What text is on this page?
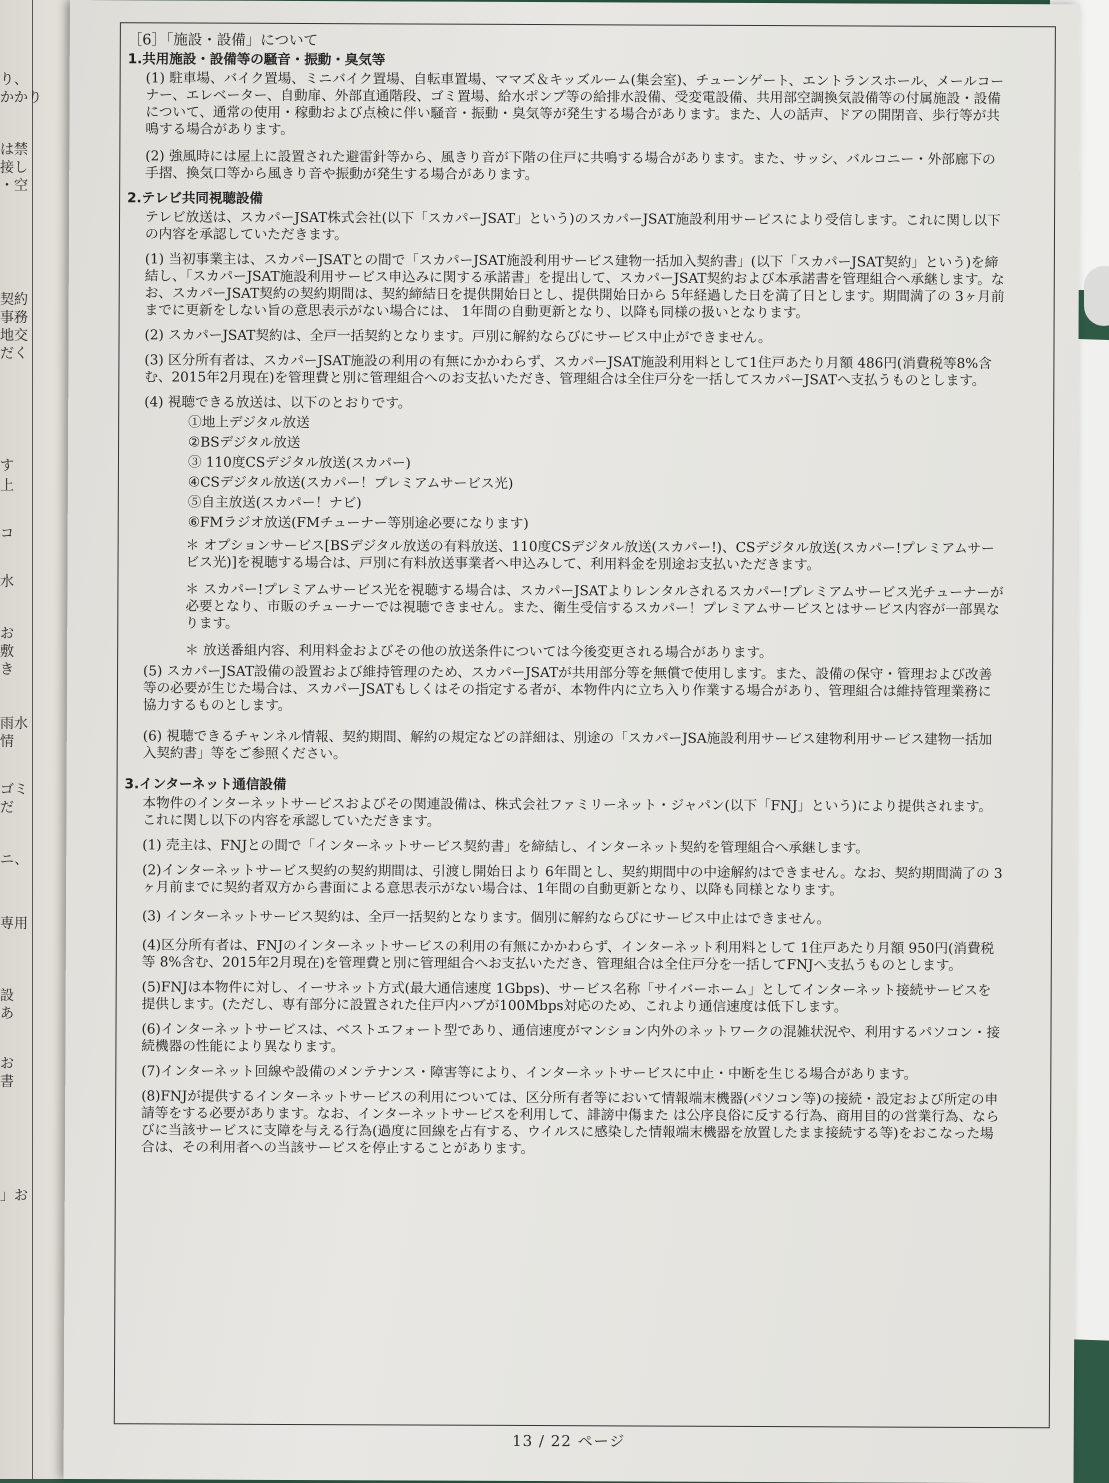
り、
かかり
は禁
接し
・空
契約
事務
地交
だく
す
上
コ
水
お
敷
き
雨水
情
ゴミ
だ
ニ、
専用
設
あ
お
書
」お
［6］「施設・設備」について
1.共用施設・設備等の騒音・振動・臭気等
(1) 駐車場、バイク置場、ミニバイク置場、自転車置場、ママズ＆キッズルーム(集会室)、チューンゲート、エントランスホール、メールコーナー、エレベーター、自動扉、外部直通階段、ゴミ置場、給水ポンプ等の給排水設備、受変電設備、共用部空調換気設備等の付属施設・設備について、通常の使用・稼動および点検に伴い騒音・振動・臭気等が発生する場合があります。また、人の話声、ドアの開閉音、歩行等が共鳴する場合があります。
(2) 強風時には屋上に設置された避雷針等から、風きり音が下階の住戸に共鳴する場合があります。また、サッシ、バルコニー・外部廊下の手摺、換気口等から風きり音や振動が発生する場合があります。
2.テレビ共同視聴設備
テレビ放送は、スカパーJSAT株式会社(以下「スカパーJSAT」という)のスカパーJSAT施設利用サービスにより受信します。これに関し以下の内容を承認していただきます。
(1) 当初事業主は、スカパーJSATとの間で「スカパーJSAT施設利用サービス建物一括加入契約書」(以下「スカパーJSAT契約」という)を締結し、「スカパーJSAT施設利用サービス申込みに関する承諾書」を提出して、スカパーJSAT契約および本承諾書を管理組合へ承継します。なお、スカパーJSAT契約の契約期間は、契約締結日を提供開始日とし、提供開始日から 5年経過した日を満了日とします。期間満了の 3ヶ月前までに更新をしない旨の意思表示がない場合には、 1年間の自動更新となり、以降も同様の扱いとなります。
(2) スカパーJSAT契約は、全戸一括契約となります。戸別に解約ならびにサービス中止ができません。
(3) 区分所有者は、スカパーJSAT施設の利用の有無にかかわらず、スカパーJSAT施設利用料として1住戸あたり月額 486円(消費税等8%含む、2015年2月現在)を管理費と別に管理組合へのお支払いただき、管理組合は全住戸分を一括してスカパーJSATへ支払うものとします。
(4) 視聴できる放送は、以下のとおりです。
①地上デジタル放送
②BSデジタル放送
③ 110度CSデジタル放送(スカパー)
④CSデジタル放送(スカパー！プレミアムサービス光)
⑤自主放送(スカパー！ナビ)
⑥FMラジオ放送(FMチューナー等別途必要になります)
＊ オプションサービス[BSデジタル放送の有料放送、110度CSデジタル放送(スカパー!)、CSデジタル放送(スカパー!プレミアムサービス光)]を視聴する場合は、戸別に有料放送事業者へ申込みして、利用料金を別途お支払いただきます。
＊ スカパー!プレミアムサービス光を視聴する場合は、スカパーJSATよりレンタルされるスカパー!プレミアムサービス光チューナーが必要となり、市販のチューナーでは視聴できません。また、衛生受信するスカパー！プレミアムサービスとはサービス内容が一部異なります。
＊ 放送番組内容、利用料金およびその他の放送条件については今後変更される場合があります。
(5) スカパーJSAT設備の設置および維持管理のため、スカパーJSATが共用部分等を無償で使用します。また、設備の保守・管理および改善等の必要が生じた場合は、スカパーJSATもしくはその指定する者が、本物件内に立ち入り作業する場合があり、管理組合は維持管理業務に協力するものとします。
(6) 視聴できるチャンネル情報、契約期間、解約の規定などの詳細は、別途の「スカパーJSA施設利用サービス建物利用サービス建物一括加入契約書」等をご参照ください。
3.インターネット通信設備
本物件のインターネットサービスおよびその関連設備は、株式会社ファミリーネット・ジャパン(以下「FNJ」という)により提供されます。これに関し以下の内容を承認していただきます。
(1) 売主は、FNJとの間で「インターネットサービス契約書」を締結し、インターネット契約を管理組合へ承継します。
(2)インターネットサービス契約の契約期間は、引渡し開始日より 6年間とし、契約期間中の中途解約はできません。なお、契約期間満了の 3ヶ月前までに契約者双方から書面による意思表示がない場合は、1年間の自動更新となり、以降も同様となります。
(3) インターネットサービス契約は、全戸一括契約となります。個別に解約ならびにサービス中止はできません。
(4)区分所有者は、FNJのインターネットサービスの利用の有無にかかわらず、インターネット利用料として 1住戸あたり月額 950円(消費税等 8%含む、2015年2月現在)を管理費と別に管理組合へお支払いただき、管理組合は全住戸分を一括してFNJへ支払うものとします。
(5)FNJは本物件に対し、イーサネット方式(最大通信速度 1Gbps)、サービス名称「サイバーホーム」としてインターネット接続サービスを提供します。(ただし、専有部分に設置された住戸内ハブが100Mbps対応のため、これより通信速度は低下します。
(6)インターネットサービスは、ベストエフォート型であり、通信速度がマンション内外のネットワークの混雑状況や、利用するパソコン・接続機器の性能により異なります。
(7)インターネット回線や設備のメンテナンス・障害等により、インターネットサービスに中止・中断を生じる場合があります。
(8)FNJが提供するインターネットサービスの利用については、区分所有者等において情報端末機器(パソコン等)の接続・設定および所定の申請等をする必要があります。なお、インターネットサービスを利用して、誹謗中傷また は公序良俗に反する行為、商用目的の営業行為、ならびに当該サービスに支障を与える行為(過度に回線を占有する、ウイルスに感染した情報端末機器を放置したまま接続する等)をおこなった場合は、その利用者への当該サービスを停止することがあります。
13 / 22 ページ
